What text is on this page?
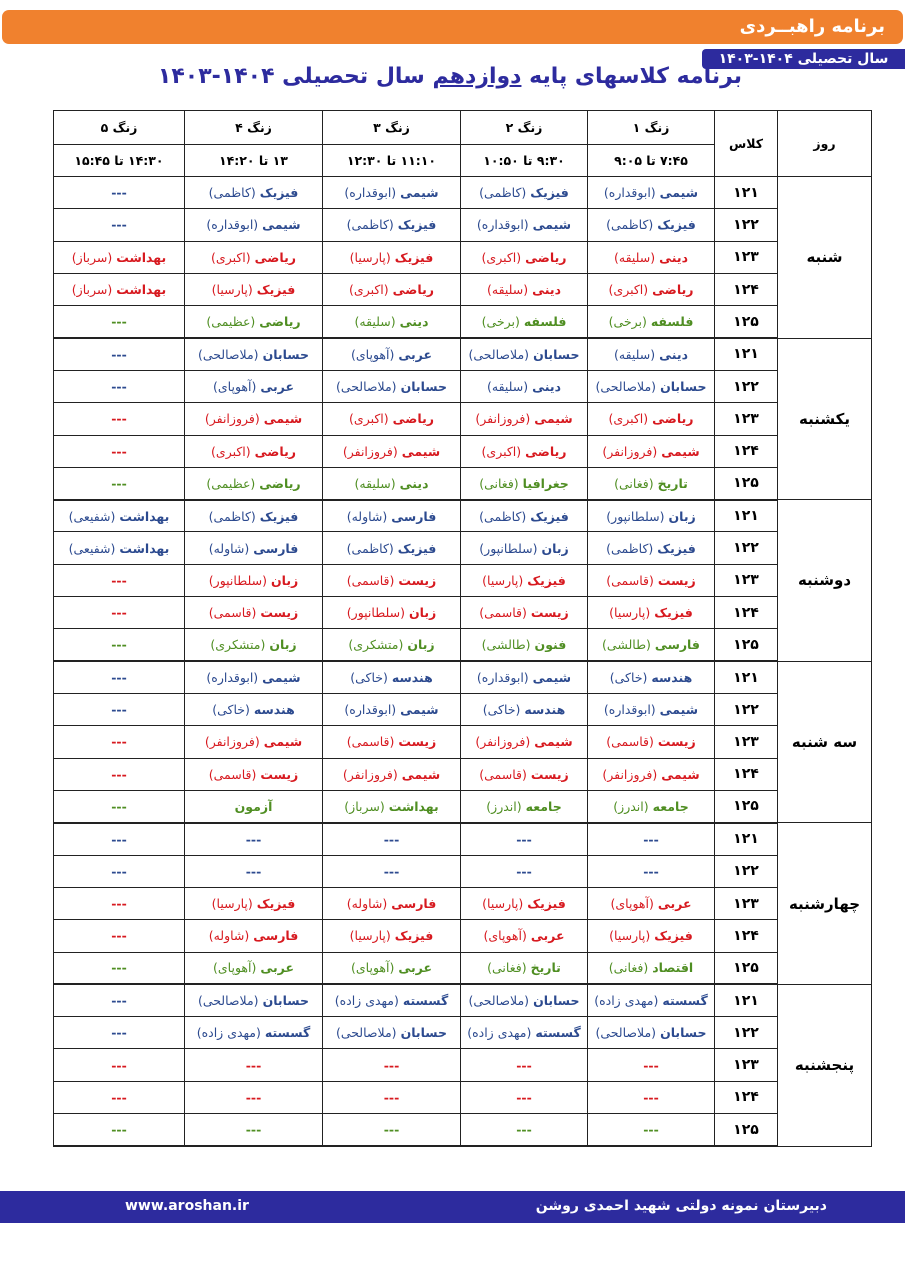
برنامه راهبــردی
سال تحصیلی ۱۴۰۴-۱۴۰۳
برنامه کلاسهای پایه دوازدهم سال تحصیلی ۱۴۰۴-۱۴۰۳
روز	کلاس	زنگ ۱	زنگ ۲	زنگ ۳	زنگ ۴	زنگ ۵
		۷:۴۵ تا ۹:۰۵	۹:۳۰ تا ۱۰:۵۰	۱۱:۱۰ تا ۱۲:۳۰	۱۳ تا ۱۴:۲۰	۱۴:۳۰ تا ۱۵:۴۵
شنبه	۱۲۱	شیمی (ابوقداره)	فیزیک (کاظمی)	شیمی (ابوقداره)	فیزیک (کاظمی)	---
	۱۲۲	فیزیک (کاظمی)	شیمی (ابوقداره)	فیزیک (کاظمی)	شیمی (ابوقداره)	---
	۱۲۳	دینی (سلیقه)	ریاضی (اکبری)	فیزیک (پارسیا)	ریاضی (اکبری)	بهداشت (سرباز)
	۱۲۴	ریاضی (اکبری)	دینی (سلیقه)	ریاضی (اکبری)	فیزیک (پارسیا)	بهداشت (سرباز)
	۱۲۵	فلسفه (برخی)	فلسفه (برخی)	دینی (سلیقه)	ریاضی (عظیمی)	---
یکشنبه	۱۲۱	دینی (سلیقه)	حسابان (ملاصالحی)	عربی (آهوپای)	حسابان (ملاصالحی)	---
	۱۲۲	حسابان (ملاصالحی)	دینی (سلیقه)	حسابان (ملاصالحی)	عربی (آهوپای)	---
	۱۲۳	ریاضی (اکبری)	شیمی (فروزانفر)	ریاضی (اکبری)	شیمی (فروزانفر)	---
	۱۲۴	شیمی (فروزانفر)	ریاضی (اکبری)	شیمی (فروزانفر)	ریاضی (اکبری)	---
	۱۲۵	تاریخ (فغانی)	جغرافیا (فغانی)	دینی (سلیقه)	ریاضی (عظیمی)	---
دوشنبه	۱۲۱	زبان (سلطانپور)	فیزیک (کاظمی)	فارسی (شاوله)	فیزیک (کاظمی)	بهداشت (شفیعی)
	۱۲۲	فیزیک (کاظمی)	زبان (سلطانپور)	فیزیک (کاظمی)	فارسی (شاوله)	بهداشت (شفیعی)
	۱۲۳	زیست (قاسمی)	فیزیک (پارسیا)	زیست (قاسمی)	زبان (سلطانپور)	---
	۱۲۴	فیزیک (پارسیا)	زیست (قاسمی)	زبان (سلطانپور)	زیست (قاسمی)	---
	۱۲۵	فارسی (طالشی)	فنون (طالشی)	زبان (متشکری)	زبان (متشکری)	---
سه شنبه	۱۲۱	هندسه (خاکی)	شیمی (ابوقداره)	هندسه (خاکی)	شیمی (ابوقداره)	---
	۱۲۲	شیمی (ابوقداره)	هندسه (خاکی)	شیمی (ابوقداره)	هندسه (خاکی)	---
	۱۲۳	زیست (قاسمی)	شیمی (فروزانفر)	زیست (قاسمی)	شیمی (فروزانفر)	---
	۱۲۴	شیمی (فروزانفر)	زیست (قاسمی)	شیمی (فروزانفر)	زیست (قاسمی)	---
	۱۲۵	جامعه (اندرز)	جامعه (اندرز)	بهداشت (سرباز)	آزمون	---
چهارشنبه	۱۲۱	---	---	---	---	---
	۱۲۲	---	---	---	---	---
	۱۲۳	عربی (آهوپای)	فیزیک (پارسیا)	فارسی (شاوله)	فیزیک (پارسیا)	---
	۱۲۴	فیزیک (پارسیا)	عربی (آهوپای)	فیزیک (پارسیا)	فارسی (شاوله)	---
	۱۲۵	اقتصاد (فغانی)	تاریخ (فغانی)	عربی (آهوپای)	عربی (آهوپای)	---
پنجشنبه	۱۲۱	گسسته (مهدی زاده)	حسابان (ملاصالحی)	گسسته (مهدی زاده)	حسابان (ملاصالحی)	---
	۱۲۲	حسابان (ملاصالحی)	گسسته (مهدی زاده)	حسابان (ملاصالحی)	گسسته (مهدی زاده)	---
	۱۲۳	---	---	---	---	---
	۱۲۴	---	---	---	---	---
	۱۲۵	---	---	---	---	---
دبیرستان نمونه دولتی شهید احمدی روشن
www.aroshan.ir
